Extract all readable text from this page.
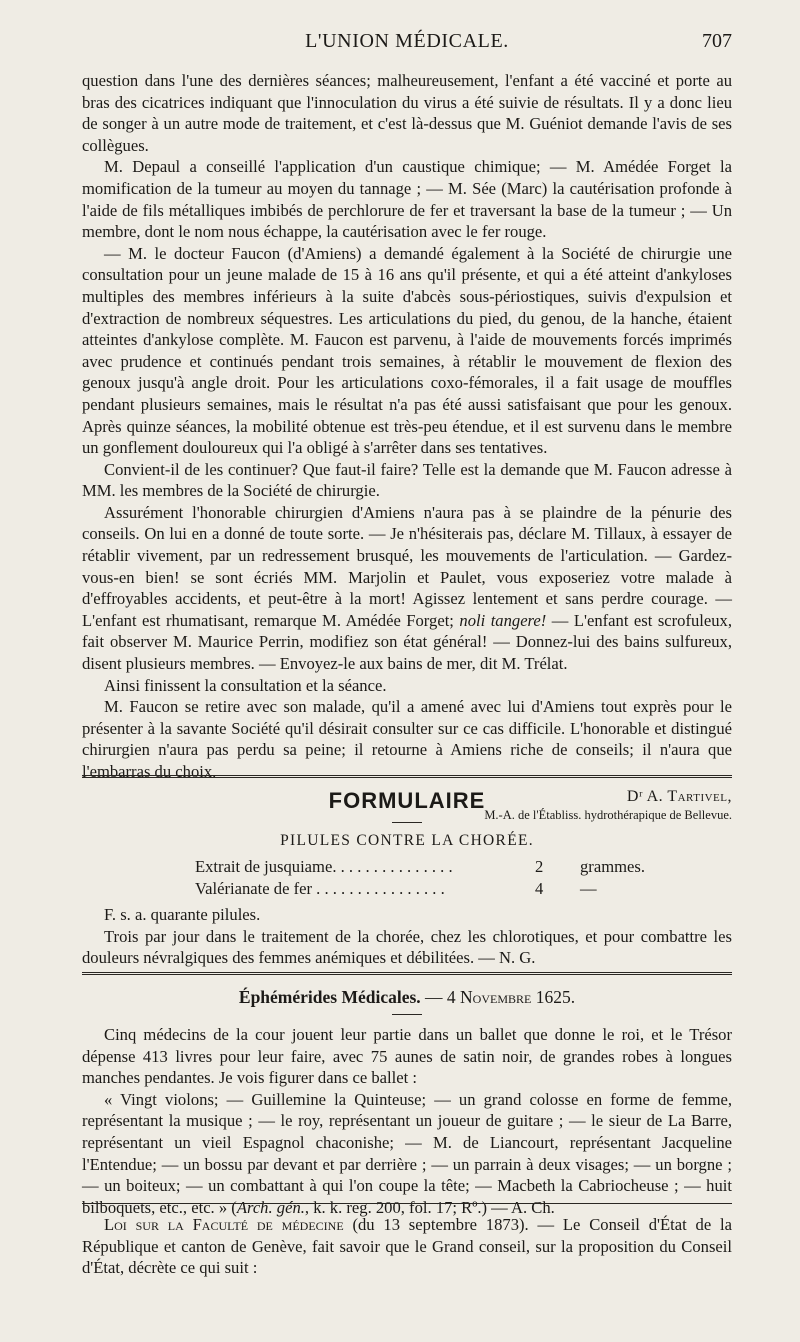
L'UNION MÉDICALE.	707

question dans l'une des dernières séances; malheureusement, l'enfant a été vacciné et porte au bras des cicatrices indiquant que l'innoculation du virus a été suivie de résultats. Il y a donc lieu de songer à un autre mode de traitement, et c'est là-dessus que M. Guéniot demande l'avis de ses collègues.

M. Depaul a conseillé l'application d'un caustique chimique; — M. Amédée Forget la momification de la tumeur au moyen du tannage ; — M. Sée (Marc) la cautérisation profonde à l'aide de fils métalliques imbibés de perchlorure de fer et traversant la base de la tumeur ; — Un membre, dont le nom nous échappe, la cautérisation avec le fer rouge.

— M. le docteur Faucon (d'Amiens) a demandé également à la Société de chirurgie une consultation pour un jeune malade de 15 à 16 ans qu'il présente, et qui a été atteint d'ankyloses multiples des membres inférieurs à la suite d'abcès sous-périostiques, suivis d'expulsion et d'extraction de nombreux séquestres. Les articulations du pied, du genou, de la hanche, étaient atteintes d'ankylose complète. M. Faucon est parvenu, à l'aide de mouvements forcés imprimés avec prudence et continués pendant trois semaines, à rétablir le mouvement de flexion des genoux jusqu'à angle droit. Pour les articulations coxo-fémorales, il a fait usage de mouffles pendant plusieurs semaines, mais le résultat n'a pas été aussi satisfaisant que pour les genoux. Après quinze séances, la mobilité obtenue est très-peu étendue, et il est survenu dans le membre un gonflement douloureux qui l'a obligé à s'arrêter dans ses tentatives.

Convient-il de les continuer? Que faut-il faire? Telle est la demande que M. Faucon adresse à MM. les membres de la Société de chirurgie.

Assurément l'honorable chirurgien d'Amiens n'aura pas à se plaindre de la pénurie des conseils. On lui en a donné de toute sorte. — Je n'hésiterais pas, déclare M. Tillaux, à essayer de rétablir vivement, par un redressement brusqué, les mouvements de l'articulation. — Gardez-vous-en bien! se sont écriés MM. Marjolin et Paulet, vous exposeriez votre malade à d'effroyables accidents, et peut-être à la mort! Agissez lentement et sans perdre courage. — L'enfant est rhumatisant, remarque M. Amédée Forget; noli tangere! — L'enfant est scrofuleux, fait observer M. Maurice Perrin, modifiez son état général! — Donnez-lui des bains sulfureux, disent plusieurs membres. — Envoyez-le aux bains de mer, dit M. Trélat.

Ainsi finissent la consultation et la séance.

M. Faucon se retire avec son malade, qu'il a amené avec lui d'Amiens tout exprès pour le présenter à la savante Société qu'il désirait consulter sur ce cas difficile. L'honorable et distingué chirurgien n'aura pas perdu sa peine; il retourne à Amiens riche de conseils; il n'aura que l'embarras du choix.

Dʳ A. Tartivel,
M.-A. de l'Établiss. hydrothérapique de Bellevue.
FORMULAIRE
PILULES CONTRE LA CHORÉE.
Extrait de jusquiame. . . . . . . . . . . . . . .	2	grammes.
Valérianate de fer . . . . . . . . . . . . . . . .	4	—

F. s. a. quarante pilules.

Trois par jour dans le traitement de la chorée, chez les chlorotiques, et pour combattre les douleurs névralgiques des femmes anémiques et débilitées. — N. G.

Éphémérides Médicales. — 4 Novembre 1625.

Cinq médecins de la cour jouent leur partie dans un ballet que donne le roi, et le Trésor dépense 413 livres pour leur faire, avec 75 aunes de satin noir, de grandes robes à longues manches pendantes. Je vois figurer dans ce ballet :

« Vingt violons; — Guillemine la Quinteuse; — un grand colosse en forme de femme, représentant la musique ; — le roy, représentant un joueur de guitare ; — le sieur de La Barre, représentant un vieil Espagnol chaconishe; — M. de Liancourt, représentant Jacqueline l'Entendue; — un bossu par devant et par derrière ; — un parrain à deux visages; — un borgne ; — un boiteux; — un combattant à qui l'on coupe la tête; — Macbeth la Cabriocheuse ; — huit bilboquets, etc., etc. » (Arch. gén., k. k. reg. 200, fol. 17; Rº.) — A. Ch.

Loi sur la Faculté de médecine (du 13 septembre 1873). — Le Conseil d'État de la République et canton de Genève, fait savoir que le Grand conseil, sur la proposition du Conseil d'État, décrète ce qui suit :
